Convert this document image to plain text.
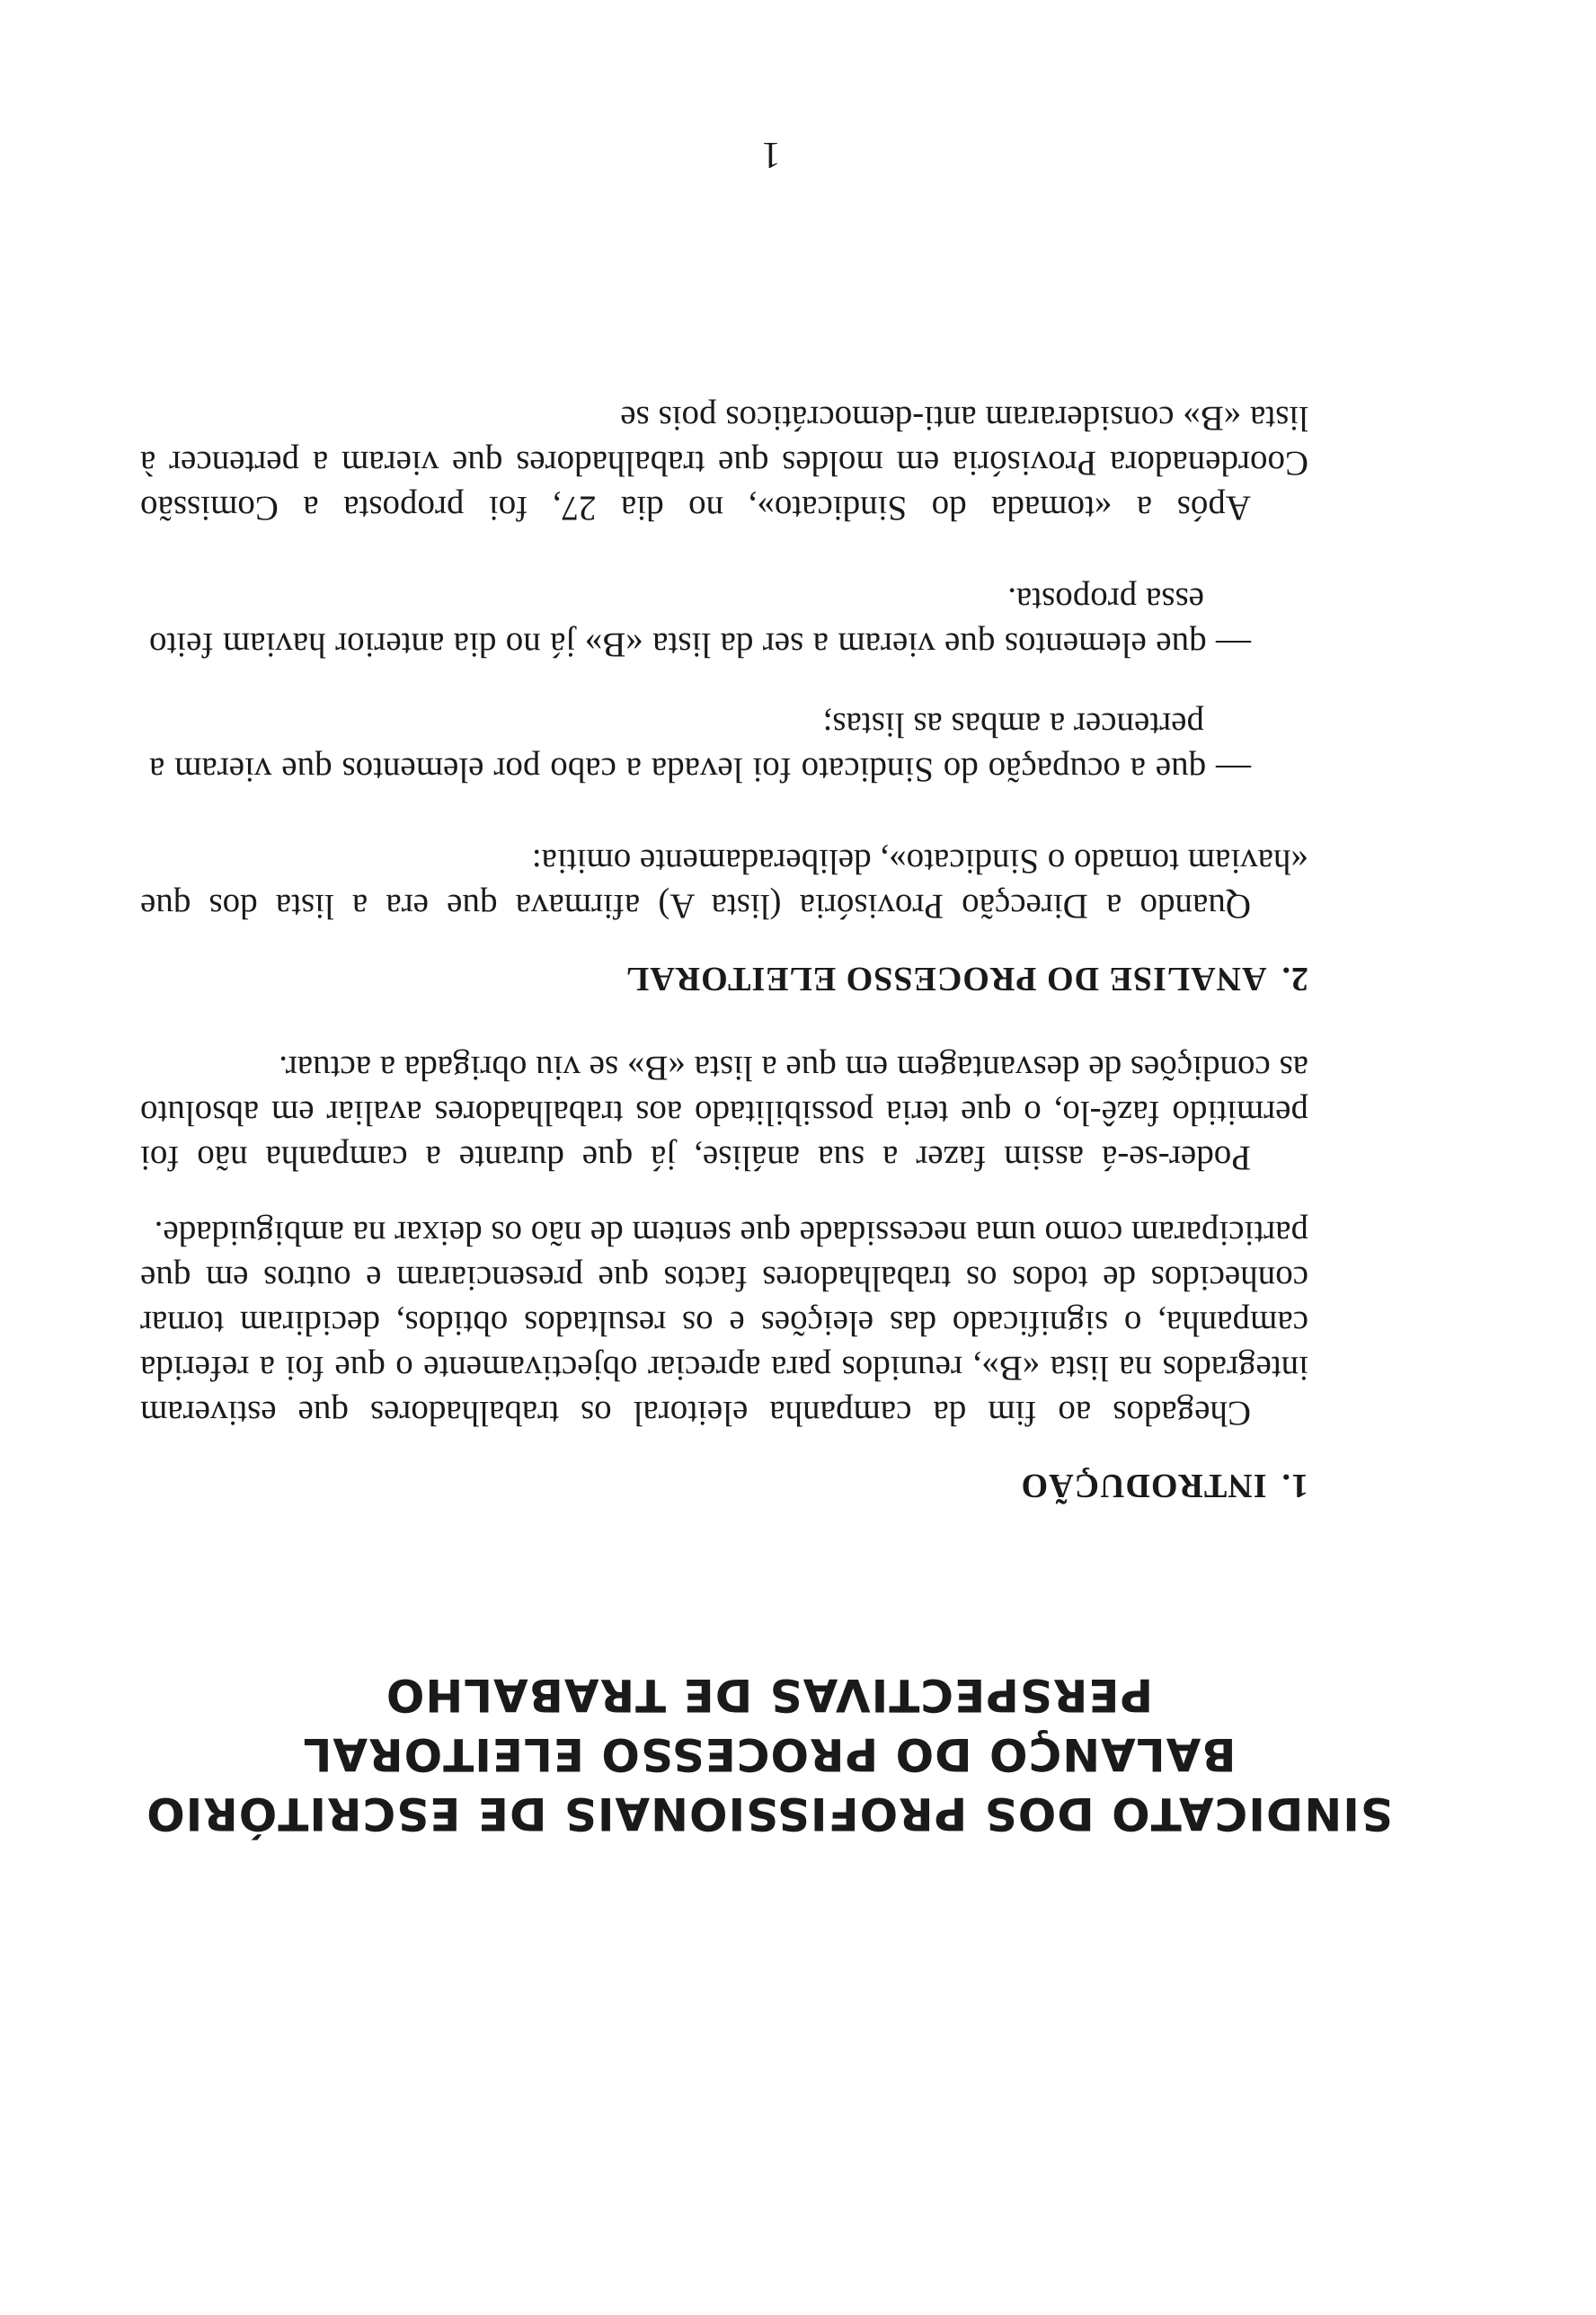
SINDICATO DOS PROFISSIONAIS DE ESCRITÓRIO
BALANÇO DO PROCESSO ELEITORAL
PERSPECTIVAS DE TRABALHO
1.INTRODUÇÃO

Chegados ao fim da campanha eleitoral os trabalhadores que estiveram integrados na lista «B», reunidos para apreciar objectivamente o que foi a referida campanha, o significado das eleições e os resultados obtidos, decidiram tornar conhecidos de todos os trabalhadores factos que presenciaram e outros em que participaram como uma necessidade que sentem de não os deixar na ambiguidade.

Poder-se-á assim fazer a sua análise, já que durante a campanha não foi permitido fazê-lo, o que teria possibilitado aos trabalhadores avaliar em absoluto as condições de desvantagem em que a lista «B» se viu obrigada a actuar.

2.ANALISE DO PROCESSO ELEITORAL

Quando a Direcção Provisória (lista A) afirmava que era a lista dos que «haviam tomado o Sindicato», deliberadamente omitia:

— que a ocupação do Sindicato foi levada a cabo por elementos que vieram a pertencer a ambas as listas;

— que elementos que vieram a ser da lista «B» já no dia anterior haviam feito essa proposta.

Após a «tomada do Sindicato», no dia 27, foi proposta a Comissão Coordenadora Provisória em moldes que trabalhadores que vieram a pertencer à lista «B» consideraram anti-democráticos pois se

1
